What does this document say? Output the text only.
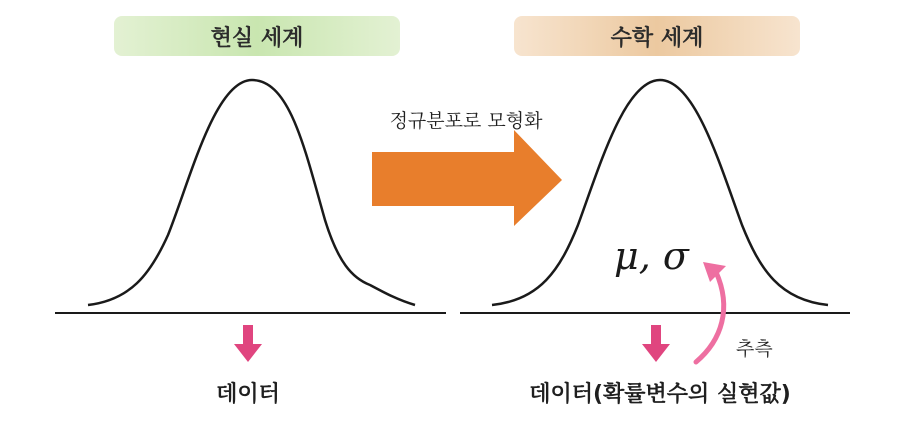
현실 세계	수학 세계
정규분포로 모형화
μ, σ
추측
데이터	데이터(확률변수의 실현값)
